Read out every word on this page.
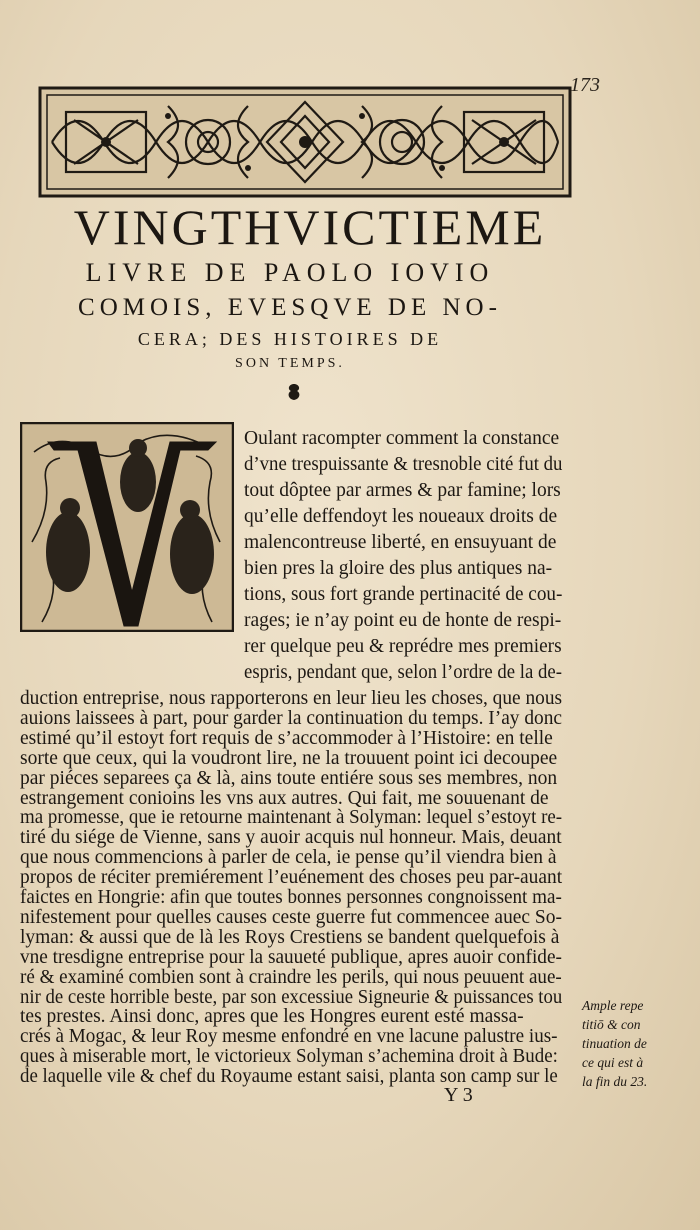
173
VINGTHVICTIEME
LIVRE DE PAOLO IOVIO
COMOIS, EVESQVE DE NO-
CERA; DES HISTOIRES DE
SON TEMPS.
Oulant racompter comment la constance
d’vne trespuissante & tresnoble cité fut du
tout dôptee par armes & par famine; lors
qu’elle deffendoyt les noueaux droits de
malencontreuse liberté, en ensuyuant de
bien pres la gloire des plus antiques na-
tions, sous fort grande pertinacité de cou-
rages; ie n’ay point eu de honte de respi-
rer quelque peu & reprédre mes premiers
espris, pendant que, selon l’ordre de la de-
duction entreprise, nous rapporterons en leur lieu les choses, que nous
auions laissees à part, pour garder la continuation du temps. I’ay donc
estimé qu’il estoyt fort requis de s’accommoder à l’Histoire: en telle
sorte que ceux, qui la voudront lire, ne la trouuent point ici decoupee
par piéces separees ça & là, ains toute entiére sous ses membres, non
estrangement conioins les vns aux autres. Qui fait, me souuenant de
ma promesse, que ie retourne maintenant à Solyman: lequel s’estoyt re-
tiré du siége de Vienne, sans y auoir acquis nul honneur. Mais, deuant
que nous commencions à parler de cela, ie pense qu’il viendra bien à
propos de réciter premiérement l’euénement des choses peu par-auant
faictes en Hongrie: afin que toutes bonnes personnes congnoissent ma-
nifestement pour quelles causes ceste guerre fut commencee auec So-
lyman: & aussi que de là les Roys Crestiens se bandent quelquefois à
vne tresdigne entreprise pour la sauueté publique, apres auoir confide-
ré & examiné combien sont à craindre les perils, qui nous peuuent aue-
nir de ceste horrible beste, par son excessiue Signeurie & puissances tou
tes prestes. Ainsi donc, apres que les Hongres eurent esté massa-
crés à Mogac, & leur Roy mesme enfondré en vne lacune palustre ius-
ques à miserable mort, le victorieux Solyman s’achemina droit à Bude:
de laquelle vile & chef du Royaume estant saisi, planta son camp sur le
Ample repe
titiō & con
tinuation de
ce qui est à
la fin du 23.
Y 3
